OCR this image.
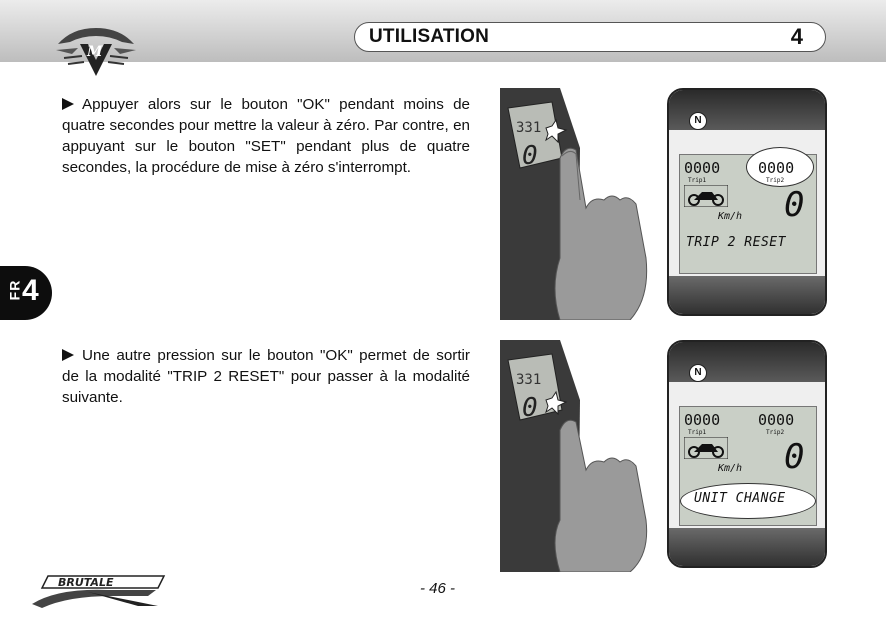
M
UTILISATION	4
FR 4

Appuyer alors sur le bouton "OK" pendant moins de quatre secondes pour mettre la valeur à zéro. Par contre, en appuyant sur le bouton "SET" pendant plus de quatre secondes, la procédure de mise à zéro s'interrompt.

Une autre pression sur le bouton "OK" permet de sortir de la modalité "TRIP 2 RESET" pour passer à la modalité suivante.

331
0
N
0000
Trip1
0000
Trip2
Km/h 0
TRIP 2 RESET
331
0
N
0000
Trip1
0000
Trip2
Km/h 0
UNIT CHANGE
BRUTALE	- 46 -
